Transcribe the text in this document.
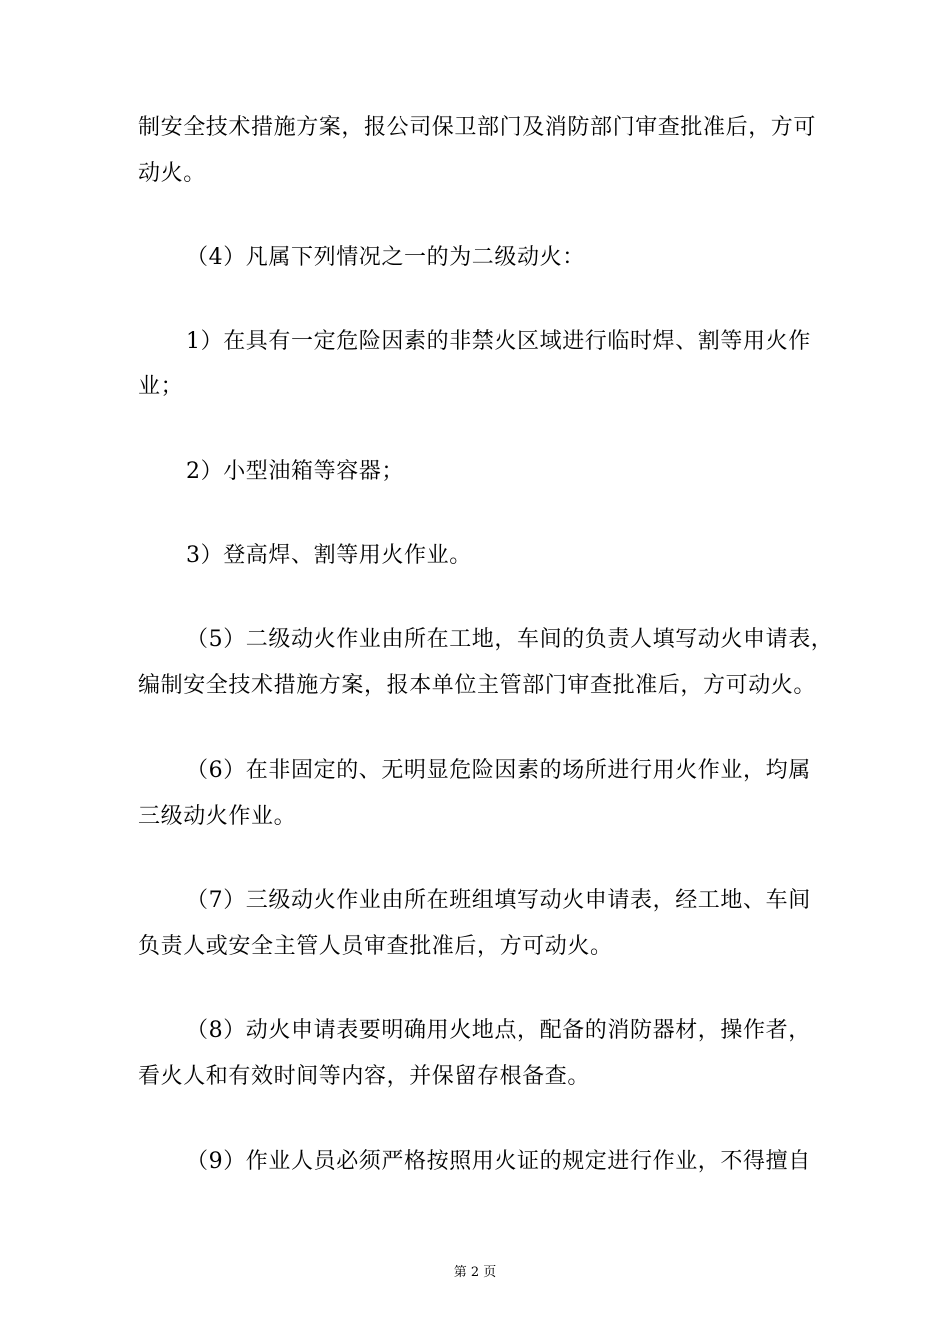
制安全技术措施方案，报公司保卫部门及消防部门审查批准后，方可
动火。
（4）凡属下列情况之一的为二级动火：
1）在具有一定危险因素的非禁火区域进行临时焊、割等用火作
业；
2）小型油箱等容器；
3）登高焊、割等用火作业。
（5）二级动火作业由所在工地，车间的负责人填写动火申请表，
编制安全技术措施方案，报本单位主管部门审查批准后，方可动火。
（6）在非固定的、无明显危险因素的场所进行用火作业，均属
三级动火作业。
（7）三级动火作业由所在班组填写动火申请表，经工地、车间
负责人或安全主管人员审查批准后，方可动火。
（8）动火申请表要明确用火地点，配备的消防器材，操作者，
看火人和有效时间等内容，并保留存根备查。
（9）作业人员必须严格按照用火证的规定进行作业，不得擅自
第 2 页
